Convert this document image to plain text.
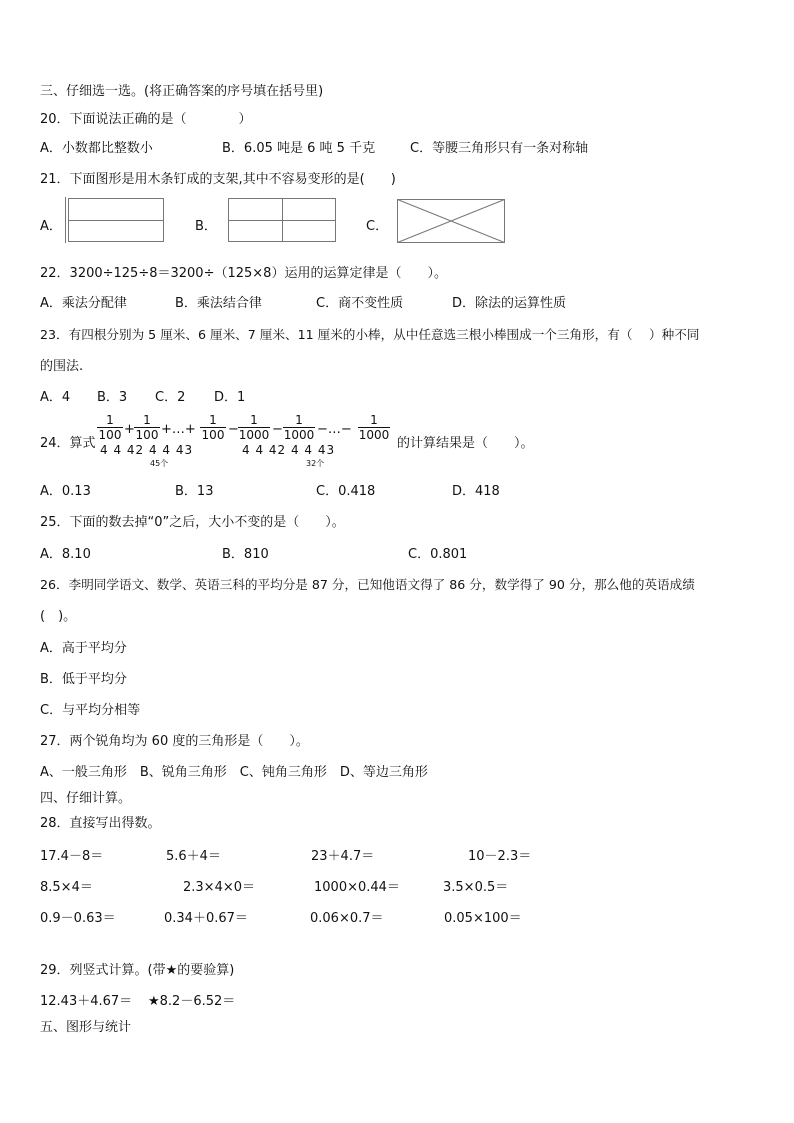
三、仔细选一选。(将正确答案的序号填在括号里)
20．下面说法正确的是（　　　　）
A．小数都比整数小	B．6.05 吨是 6 吨 5 千克	C．等腰三角形只有一条对称轴
21．下面图形是用木条钉成的支架,其中不容易变形的是(　　)
A．	B．	C．
22．3200÷125÷8＝3200÷（125×8）运用的运算定律是（　　）。
A．乘法分配律	B．乘法结合律	C．商不变性质	D．除法的运算性质
23．有四根分别为 5 厘米、6 厘米、7 厘米、11 厘米的小棒，从中任意选三根小棒围成一个三角形，有（　 ）种不同
的围法.
A．4 B．3 C．2 D．1
24．算式
$\frac{1}{100} + \frac{1}{100}$ +…+ $\frac{1}{100} - \frac{1}{1000} - \frac{1}{1000}$ −…− $\frac{1}{1000}$
4 4 42 4 4 43	4 4 42 4 4 43
45个	32个
的计算结果是（　　）。
A．0.13	B．13	C．0.418	D．418
25．下面的数去掉“0”之后，大小不变的是（　　）。
A．8.10	B．810	C．0.801
26．李明同学语文、数学、英语三科的平均分是 87 分，已知他语文得了 86 分，数学得了 90 分，那么他的英语成绩
(　)。
A．高于平均分
B．低于平均分
C．与平均分相等
27．两个锐角均为 60 度的三角形是（　　）。
A、一般三角形　B、锐角三角形　C、钝角三角形　D、等边三角形
四、仔细计算。
28．直接写出得数。
17.4－8＝	5.6＋4＝	23＋4.7＝	10－2.3＝
8.5×4＝	2.3×4×0＝	1000×0.44＝	3.5×0.5＝
0.9－0.63＝	0.34＋0.67＝	0.06×0.7＝	0.05×100＝
29．列竖式计算。(带★的要验算)
12.43＋4.67＝ ★8.2－6.52＝
五、图形与统计
